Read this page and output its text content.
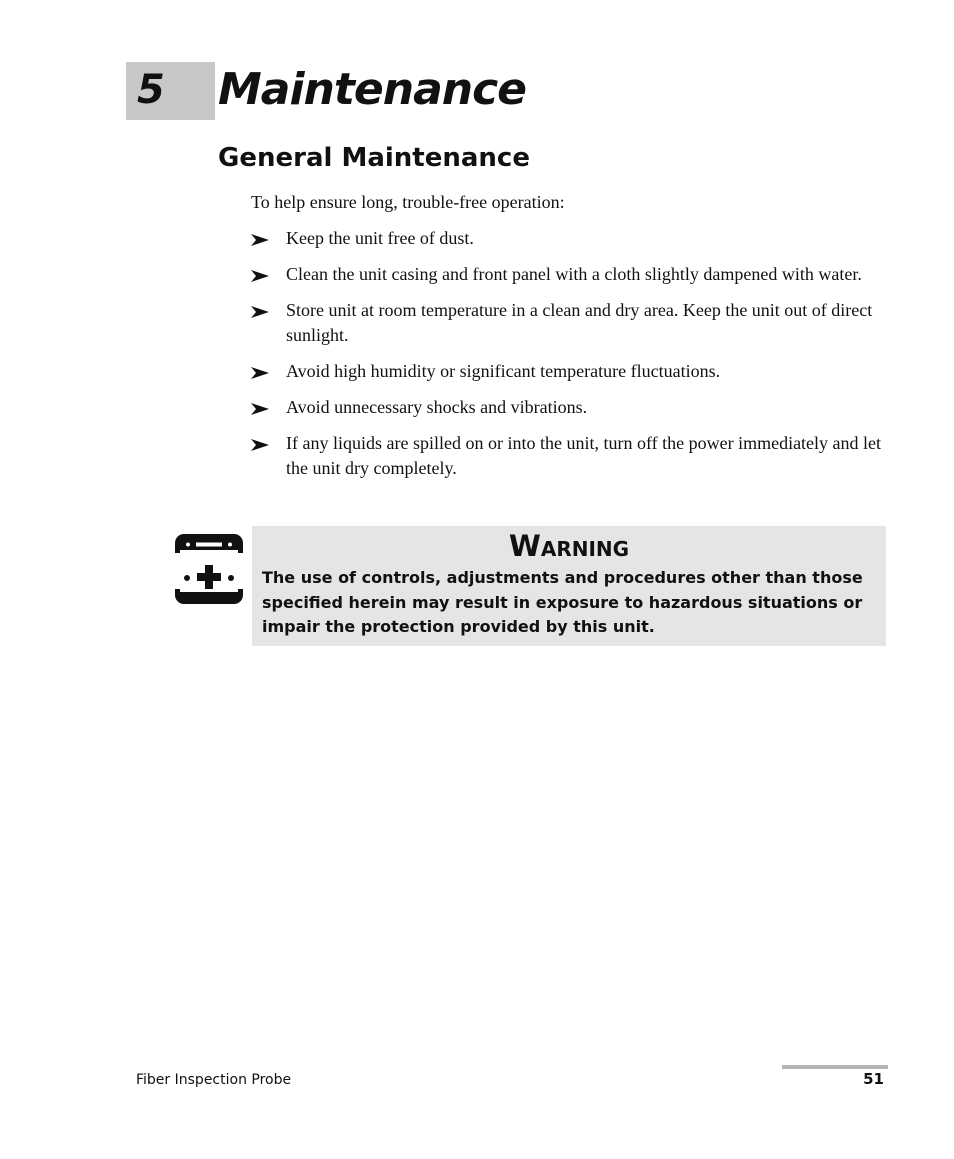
5 Maintenance
General Maintenance
To help ensure long, trouble-free operation:
Keep the unit free of dust.
Clean the unit casing and front panel with a cloth slightly dampened with water.
Store unit at room temperature in a clean and dry area. Keep the unit out of direct sunlight.
Avoid high humidity or significant temperature fluctuations.
Avoid unnecessary shocks and vibrations.
If any liquids are spilled on or into the unit, turn off the power immediately and let the unit dry completely.
Warning
The use of controls, adjustments and procedures other than those specified herein may result in exposure to hazardous situations or impair the protection provided by this unit.
Fiber Inspection Probe	51
